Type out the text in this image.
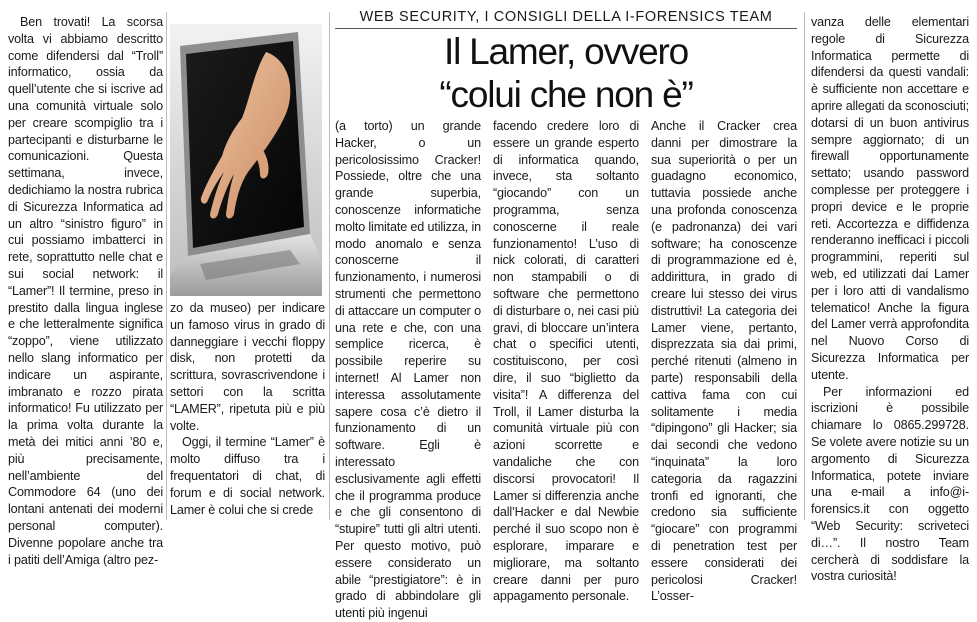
Ben trovati! La scorsa volta vi abbiamo descritto come difendersi dal “Troll” informatico, ossia da quell’utente che si iscrive ad una comunità virtuale solo per creare scompiglio tra i partecipanti e disturbarne le comunicazioni. Questa settimana, invece, dedichiamo la nostra rubrica di Sicurezza Informatica ad un altro “sinistro figuro” in cui possiamo imbatterci in rete, soprattutto nelle chat e sui social network: il “Lamer”! Il termine, preso in prestito dalla lingua inglese e che letteralmente significa “zoppo”, viene utilizzato nello slang informatico per indicare un aspirante, imbranato e rozzo pirata informatico! Fu utilizzato per la prima volta durante la metà dei mitici anni ’80 e, più precisamente, nell’ambiente del Commodore 64 (uno dei lontani antenati dei moderni personal computer). Divenne popolare anche tra i patiti dell’Amiga (altro pez-

zo da museo) per indicare un famoso virus in grado di danneggiare i vecchi floppy disk, non protetti da scrittura, sovrascrivendone i settori con la scritta “LAMER”, ripetuta più e più volte.

Oggi, il termine “Lamer” è molto diffuso tra i frequentatori di chat, di forum e di social network. Lamer è colui che si crede

WEB SECURITY, I CONSIGLI DELLA I-FORENSICS TEAM
Il Lamer, ovvero
“colui che non è”

(a torto) un grande Hacker, o un pericolosissimo Cracker! Possiede, oltre che una grande superbia, conoscenze informatiche molto limitate ed utilizza, in modo anomalo e senza conoscerne il funzionamento, i numerosi strumenti che permettono di attaccare un computer o una rete e che, con una semplice ricerca, è possibile reperire su internet! Al Lamer non interessa assolutamente sapere cosa c’è dietro il funzionamento di un software. Egli è interessato esclusivamente agli effetti che il programma produce e che gli consentono di “stupire” tutti gli altri utenti. Per questo motivo, può essere considerato un abile “prestigiatore”: è in grado di abbindolare gli utenti più ingenui

facendo credere loro di essere un grande esperto di informatica quando, invece, sta soltanto “giocando” con un programma, senza conoscerne il reale funzionamento! L’uso di nick colorati, di caratteri non stampabili o di software che permettono di disturbare o, nei casi più gravi, di bloccare un’intera chat o specifici utenti, costituiscono, per così dire, il suo “biglietto da visita”! A differenza del Troll, il Lamer disturba la comunità virtuale più con azioni scorrette e vandaliche che con discorsi provocatori! Il Lamer si differenzia anche dall’Hacker e dal Newbie perché il suo scopo non è esplorare, imparare e migliorare, ma soltanto creare danni per puro appagamento personale.

Anche il Cracker crea danni per dimostrare la sua superiorità o per un guadagno economico, tuttavia possiede anche una profonda conoscenza (e padronanza) dei vari software; ha conoscenze di programmazione ed è, addirittura, in grado di creare lui stesso dei virus distruttivi! La categoria dei Lamer viene, pertanto, disprezzata sia dai primi, perché ritenuti (almeno in parte) responsabili della cattiva fama con cui solitamente i media “dipingono” gli Hacker; sia dai secondi che vedono “inquinata” la loro categoria da ragazzini tronfi ed ignoranti, che credono sia sufficiente “giocare” con programmi di penetration test per essere considerati dei pericolosi Cracker! L’osser-

vanza delle elementari regole di Sicurezza Informatica permette di difendersi da questi vandali: è sufficiente non accettare e aprire allegati da sconosciuti; dotarsi di un buon antivirus sempre aggiornato; di un firewall opportunamente settato; usando password complesse per proteggere i propri device e le proprie reti. Accortezza e diffidenza renderanno inefficaci i piccoli programmini, reperiti sul web, ed utilizzati dai Lamer per i loro atti di vandalismo telematico! Anche la figura del Lamer verrà approfondita nel Nuovo Corso di Sicurezza Informatica per utente.

Per informazioni ed iscrizioni è possibile chiamare lo 0865.299728. Se volete avere notizie su un argomento di Sicurezza Informatica, potete inviare una e-mail a info@i-forensics.it con oggetto “Web Security: scriveteci di…”. Il nostro Team cercherà di soddisfare la vostra curiosità!
